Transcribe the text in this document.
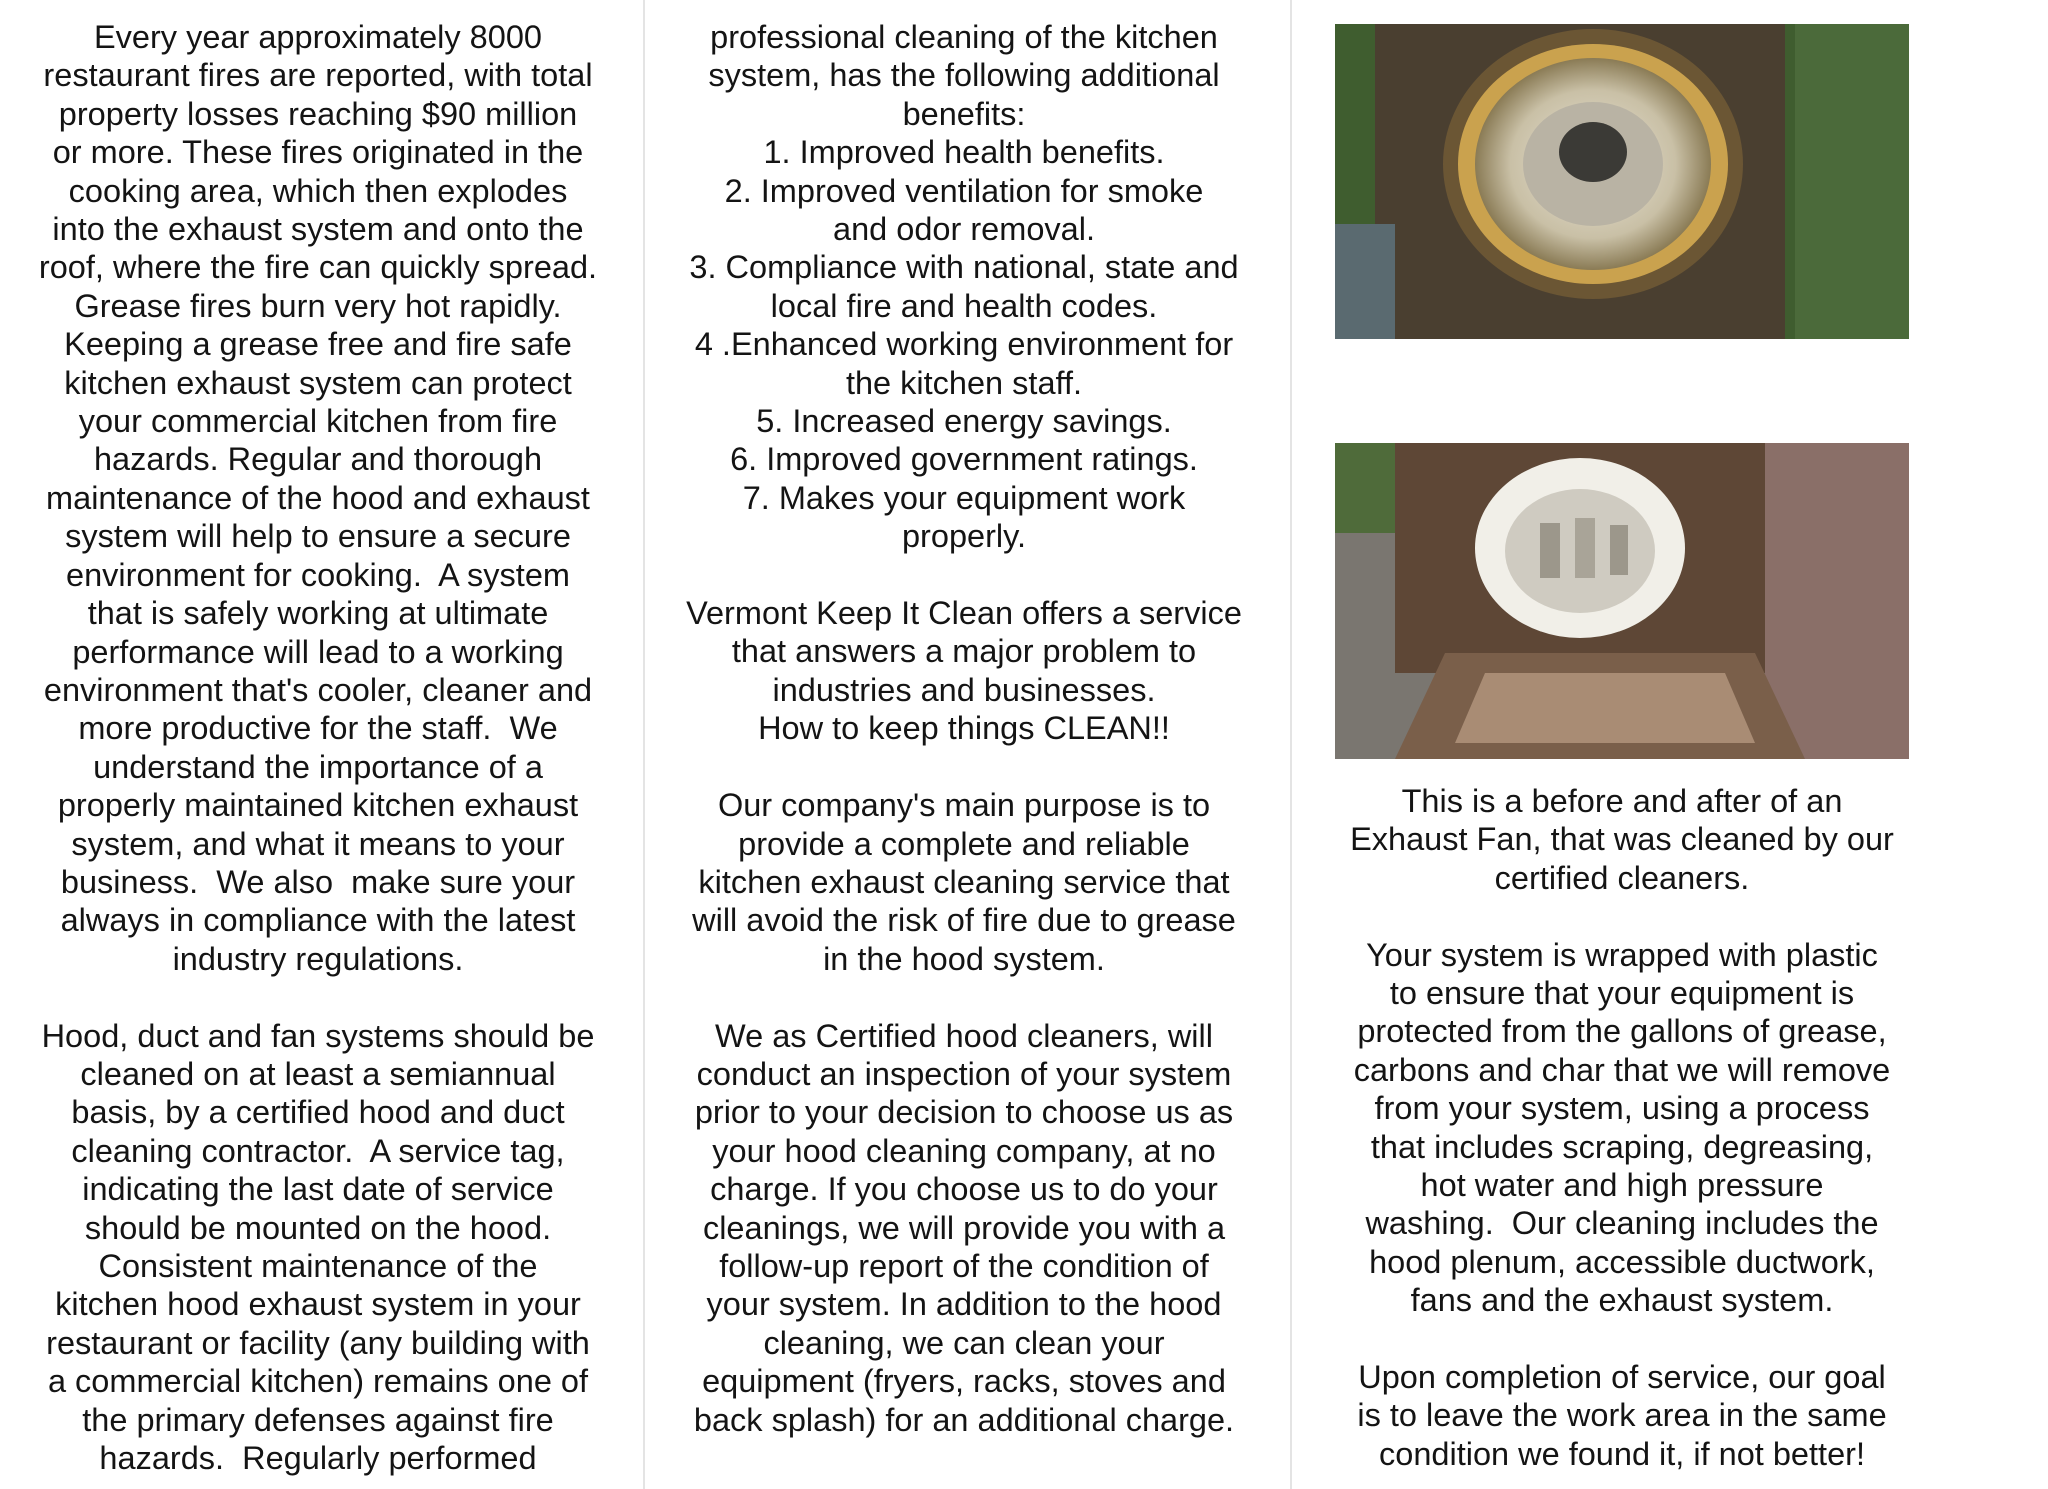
Every year approximately 8000

restaurant fires are reported, with total

property losses reaching $90 million

or more. These fires originated in the

cooking area, which then explodes

into the exhaust system and onto the

roof, where the fire can quickly spread.

Grease fires burn very hot rapidly.

Keeping a grease free and fire safe

kitchen exhaust system can protect

your commercial kitchen from fire

hazards. Regular and thorough

maintenance of the hood and exhaust

system will help to ensure a secure

environment for cooking.  A system

that is safely working at ultimate

performance will lead to a working

environment that's cooler, cleaner and

more productive for the staff.  We

understand the importance of a

properly maintained kitchen exhaust

system, and what it means to your

business.  We also  make sure your

always in compliance with the latest

industry regulations.

Hood, duct and fan systems should be

cleaned on at least a semiannual

basis, by a certified hood and duct

cleaning contractor.  A service tag,

indicating the last date of service

should be mounted on the hood.

Consistent maintenance of the

kitchen hood exhaust system in your

restaurant or facility (any building with

a commercial kitchen) remains one of

the primary defenses against fire

hazards.  Regularly performed

professional cleaning of the kitchen

system, has the following additional

benefits:

1. Improved health benefits.

2. Improved ventilation for smoke

and odor removal.

3. Compliance with national, state and

local fire and health codes.

4 .Enhanced working environment for

the kitchen staff.

5. Increased energy savings.

6. Improved government ratings.

7. Makes your equipment work

properly.

Vermont Keep It Clean offers a service

that answers a major problem to

industries and businesses.

How to keep things CLEAN!!

Our company's main purpose is to

provide a complete and reliable

kitchen exhaust cleaning service that

will avoid the risk of fire due to grease

in the hood system.

We as Certified hood cleaners, will

conduct an inspection of your system

prior to your decision to choose us as

your hood cleaning company, at no

charge. If you choose us to do your

cleanings, we will provide you with a

follow-up report of the condition of

your system. In addition to the hood

cleaning, we can clean your

equipment (fryers, racks, stoves and

back splash) for an additional charge.

This is a before and after of an

Exhaust Fan, that was cleaned by our

certified cleaners.

Your system is wrapped with plastic

to ensure that your equipment is

protected from the gallons of grease,

carbons and char that we will remove

from your system, using a process

that includes scraping, degreasing,

hot water and high pressure

washing.  Our cleaning includes the

hood plenum, accessible ductwork,

fans and the exhaust system.

Upon completion of service, our goal

is to leave the work area in the same

condition we found it, if not better!
